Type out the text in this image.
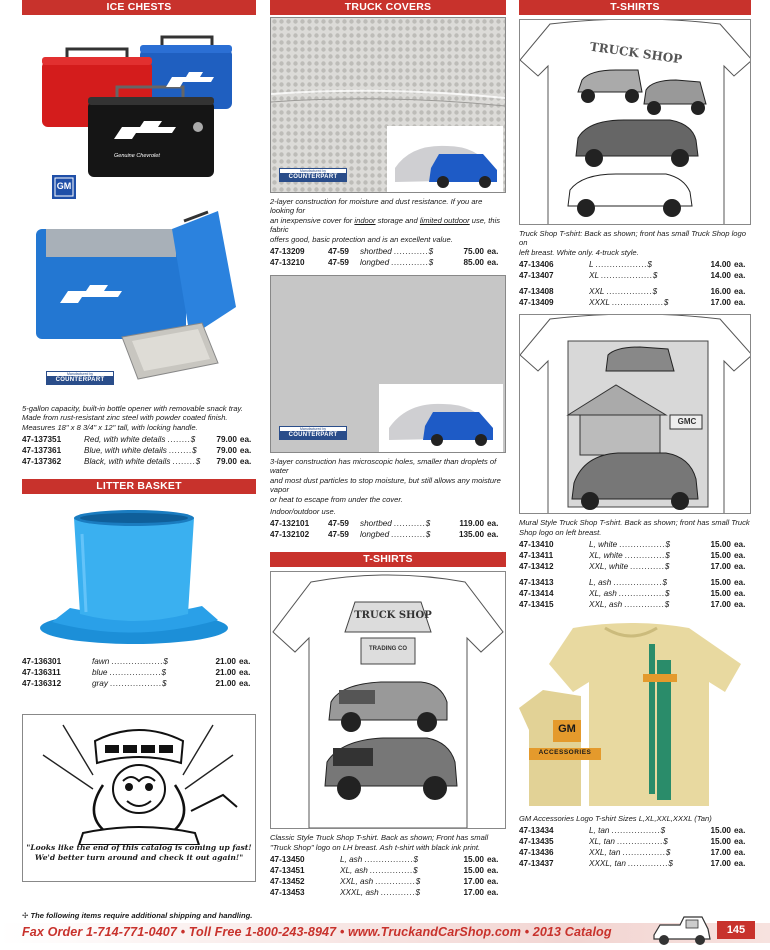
ICE CHESTS
GM
Genuine Chevrolet
Manufactured by
COUNTERPART
5-gallon capacity, built-in bottle opener with removable snack tray.
Made from rust-resistant zinc steel with powder coated finish.
Measures 18" x 8 3/4" x 12" tall, with locking handle.
47-137351	Red, with white details ........$	79.00	ea.
47-137361	Blue, with white details ........$	79.00	ea.
47-137362	Black, with white details ........$	79.00	ea.
LITTER BASKET
47-136301	fawn ..................$	21.00	ea.
47-136311	blue ..................$	21.00	ea.
47-136312	gray ..................$	21.00	ea.
"Looks like the end of this catalog is coming up fast!
We'd better turn around and check it out again!"
TRUCK COVERS
Manufactured by
COUNTERPART
2-layer construction for moisture and dust resistance. If you are looking for
an inexpensive cover for indoor storage and limited outdoor use, this fabric
offers good, basic protection and is an excellent value.
47-13209	47-59	shortbed ............$	75.00	ea.
47-13210	47-59	longbed .............$	85.00	ea.
Manufactured by
COUNTERPART
3-layer construction has microscopic holes, smaller than droplets of water
and most dust particles to stop moisture, but still allows any moisture vapor
or heat to escape from under the cover.
Indoor/outdoor use.
47-132101	47-59	shortbed ...........$	119.00	ea.
47-132102	47-59	longbed ............$	135.00	ea.
T-SHIRTS
TRUCK SHOP
TRADING CO
Classic Style Truck Shop T-shirt. Back as shown; Front has small
"Truck Shop" logo on LH breast. Ash t-shirt with black ink print.
47-13450	L, ash .................$	15.00	ea.
47-13451	XL, ash ...............$	15.00	ea.
47-13452	XXL, ash ..............$	17.00	ea.
47-13453	XXXL, ash ............$	17.00	ea.
T-SHIRTS
TRUCK SHOP
Truck Shop T-shirt: Back as shown; front has small Truck Shop logo on
left breast. White only. 4-truck style.
47-13406	L ..................$	14.00	ea.
47-13407	XL ..................$	14.00	ea.

47-13408	XXL ................$	16.00	ea.
47-13409	XXXL ..................$	17.00	ea.
GMC
Mural Style Truck Shop T-shirt. Back as shown; front has small Truck
Shop logo on left breast.
47-13410	L, white ................$	15.00	ea.
47-13411	XL, white ..............$	15.00	ea.
47-13412	XXL, white ............$	17.00	ea.

47-13413	L, ash .................$	15.00	ea.
47-13414	XL, ash ................$	15.00	ea.
47-13415	XXL, ash ..............$	17.00	ea.
GM
ACCESSORIES
GM Accessories Logo T-shirt Sizes L,XL,XXL,XXXL (Tan)
47-13434	L, tan .................$	15.00	ea.
47-13435	XL, tan ................$	15.00	ea.
47-13436	XXL, tan ...............$	17.00	ea.
47-13437	XXXL, tan ..............$	17.00	ea.
✢ The following items require additional shipping and handling.
Fax Order 1-714-771-0407 • Toll Free 1-800-243-8947 • www.TruckandCarShop.com • 2013 Catalog	145
